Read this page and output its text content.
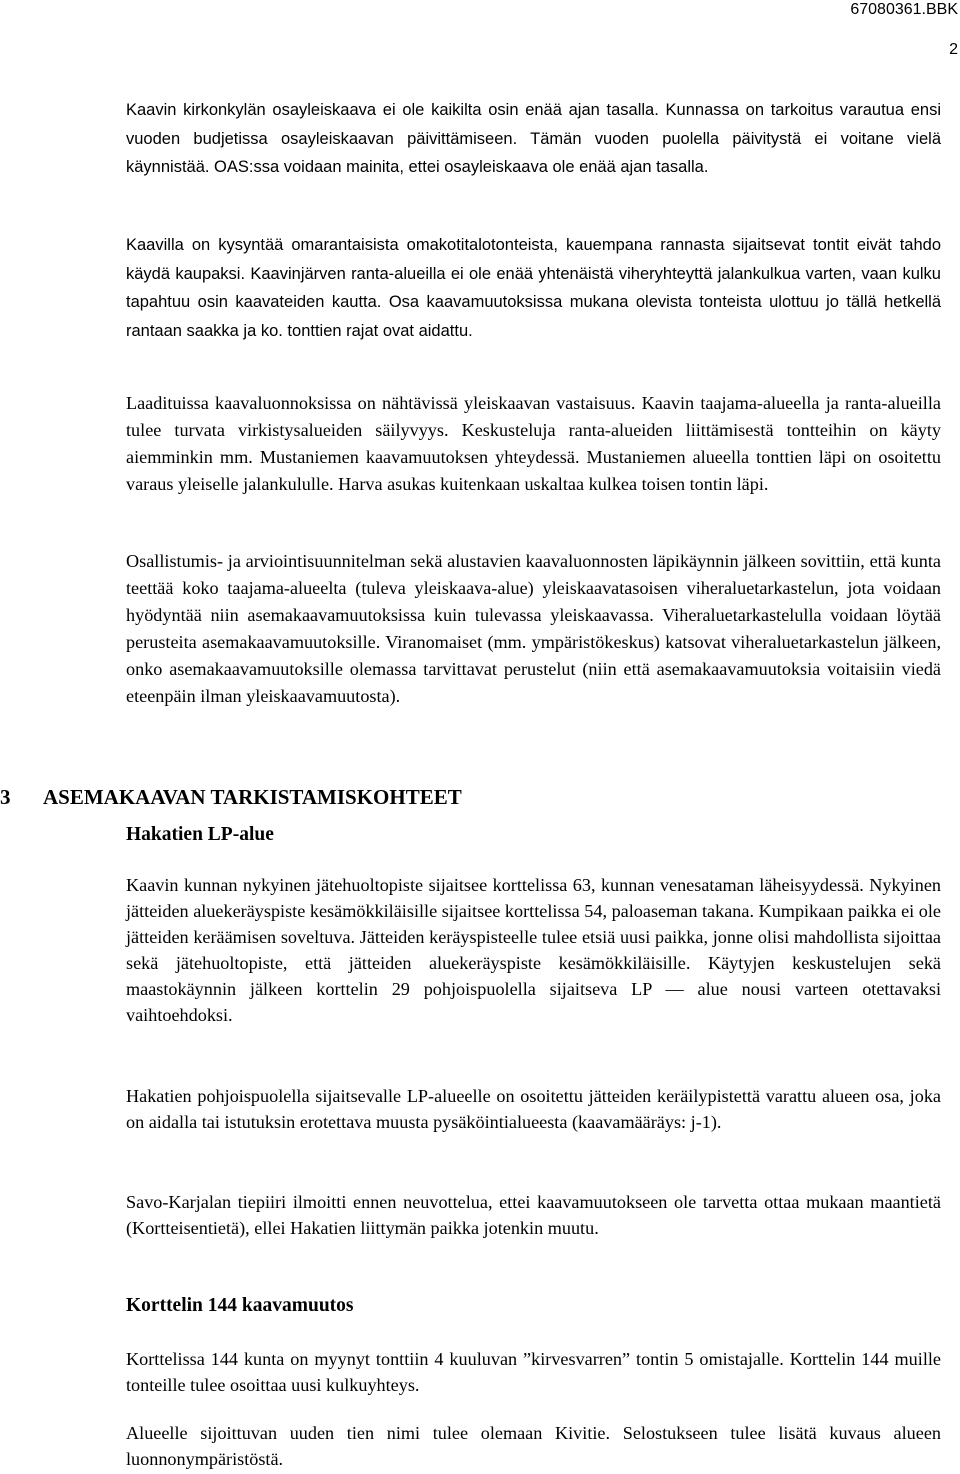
67080361.BBK
2

Kaavin kirkonkylän osayleiskaava ei ole kaikilta osin enää ajan tasalla. Kunnassa on tarkoitus varautua ensi vuoden budjetissa osayleiskaavan päivittämiseen. Tämän vuoden puolella päivitystä ei voitane vielä käynnistää. OAS:ssa voidaan mainita, ettei osayleiskaava ole enää ajan tasalla.

Kaavilla on kysyntää omarantaisista omakotitalotonteista, kauempana rannasta sijaitsevat tontit eivät tahdo käydä kaupaksi. Kaavinjärven ranta-alueilla ei ole enää yhtenäistä viheryhteyttä jalankulkua varten, vaan kulku tapahtuu osin kaavateiden kautta. Osa kaavamuutoksissa mukana olevista tonteista ulottuu jo tällä hetkellä rantaan saakka ja ko. tonttien rajat ovat aidattu.

Laadituissa kaavaluonnoksissa on nähtävissä yleiskaavan vastaisuus. Kaavin taajama-alueella ja ranta-alueilla tulee turvata virkistysalueiden säilyvyys. Keskusteluja ranta-alueiden liittämisestä tontteihin on käyty aiemminkin mm. Mustaniemen kaavamuutoksen yhteydessä. Mustaniemen alueella tonttien läpi on osoitettu varaus yleiselle jalankululle. Harva asukas kuitenkaan uskaltaa kulkea toisen tontin läpi.

Osallistumis- ja arviointisuunnitelman sekä alustavien kaavaluonnosten läpikäynnin jälkeen sovittiin, että kunta teettää koko taajama-alueelta (tuleva yleiskaava-alue) yleiskaavatasoisen viheraluetarkastelun, jota voidaan hyödyntää niin asemakaavamuutoksissa kuin tulevassa yleiskaavassa. Viheraluetarkastelulla voidaan löytää perusteita asemakaavamuutoksille. Viranomaiset (mm. ympäristökeskus) katsovat viheraluetarkastelun jälkeen, onko asemakaavamuutoksille olemassa tarvittavat perustelut (niin että asemakaavamuutoksia voitaisiin viedä eteenpäin ilman yleiskaavamuutosta).

3 ASEMAKAAVAN TARKISTAMISKOHTEET
Hakatien LP-alue

Kaavin kunnan nykyinen jätehuoltopiste sijaitsee korttelissa 63, kunnan venesataman läheisyydessä. Nykyinen jätteiden aluekeräyspiste kesämökkiläisille sijaitsee korttelissa 54, paloaseman takana. Kumpikaan paikka ei ole jätteiden keräämisen soveltuva. Jätteiden keräyspisteelle tulee etsiä uusi paikka, jonne olisi mahdollista sijoittaa sekä jätehuoltopiste, että jätteiden aluekeräyspiste kesämökkiläisille. Käytyjen keskustelujen sekä maastokäynnin jälkeen korttelin 29 pohjoispuolella sijaitseva LP — alue nousi varteen otettavaksi vaihtoehdoksi.

Hakatien pohjoispuolella sijaitsevalle LP-alueelle on osoitettu jätteiden keräilypistettä varattu alueen osa, joka on aidalla tai istutuksin erotettava muusta pysäköintialueesta (kaavamääräys: j-1).

Savo-Karjalan tiepiiri ilmoitti ennen neuvottelua, ettei kaavamuutokseen ole tarvetta ottaa mukaan maantietä (Kortteisentietä), ellei Hakatien liittymän paikka jotenkin muutu.

Korttelin 144 kaavamuutos

Korttelissa 144 kunta on myynyt tonttiin 4 kuuluvan ”kirvesvarren” tontin 5 omistajalle. Korttelin 144 muille tonteille tulee osoittaa uusi kulkuyhteys.

Alueelle sijoittuvan uuden tien nimi tulee olemaan Kivitie. Selostukseen tulee lisätä kuvaus alueen luonnonympäristöstä.
